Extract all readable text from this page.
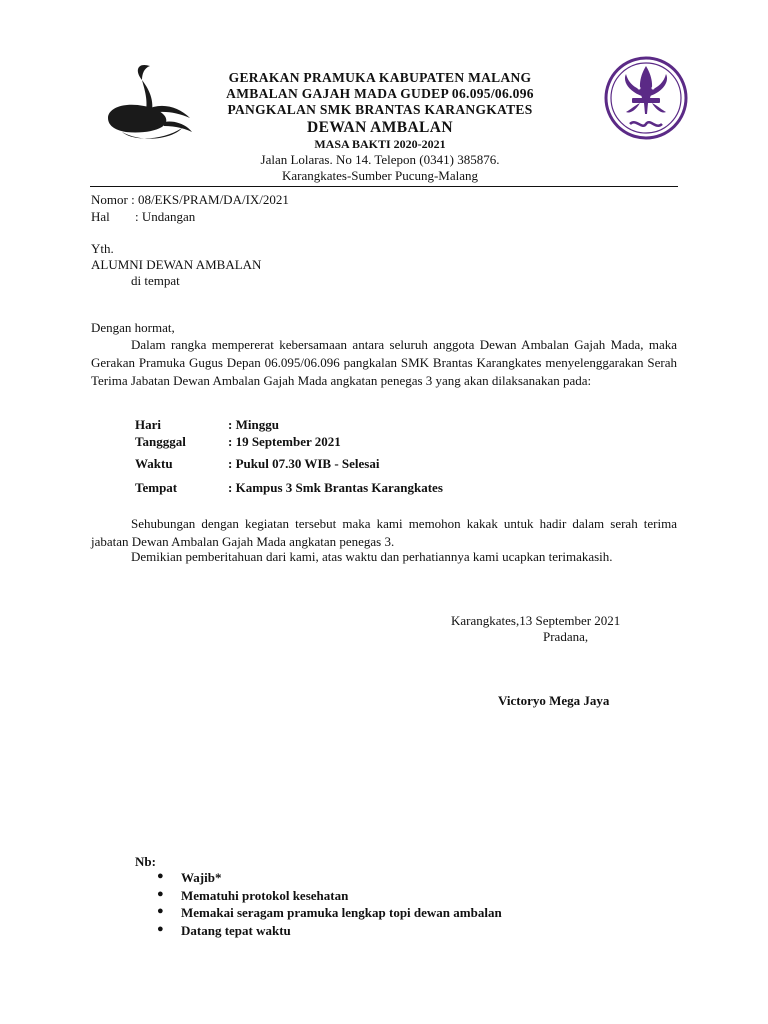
GERAKAN PRAMUKA KABUPATEN MALANG
AMBALAN GAJAH MADA GUDEP 06.095/06.096
PANGKALAN SMK BRANTAS KARANGKATES
DEWAN AMBALAN
MASA BAKTI 2020-2021
Jalan Lolaras. No 14. Telepon (0341) 385876.
Karangkates-Sumber Pucung-Malang
Nomor : 08/EKS/PRAM/DA/IX/2021
Hal : Undangan
Yth.
ALUMNI DEWAN AMBALAN
di tempat
Dengan hormat,
Dalam rangka mempererat kebersamaan antara seluruh anggota Dewan Ambalan Gajah Mada, maka Gerakan Pramuka Gugus Depan 06.095/06.096 pangkalan SMK Brantas Karangkates menyelenggarakan Serah Terima Jabatan Dewan Ambalan Gajah Mada angkatan penegas 3 yang akan dilaksanakan pada:
Hari	: Minggu
Tangggal	: 19 September 2021
Waktu	: Pukul 07.30 WIB - Selesai
Tempat	: Kampus 3 Smk Brantas Karangkates
Sehubungan dengan kegiatan tersebut maka kami memohon kakak untuk hadir dalam serah terima jabatan Dewan Ambalan Gajah Mada angkatan penegas 3.
Demikian pemberitahuan dari kami, atas waktu dan perhatiannya kami ucapkan terimakasih.
Karangkates,13 September 2021
Pradana,
Victoryo Mega Jaya
Nb:
● Wajib*
● Mematuhi protokol kesehatan
● Memakai seragam pramuka lengkap topi dewan ambalan
● Datang tepat waktu
